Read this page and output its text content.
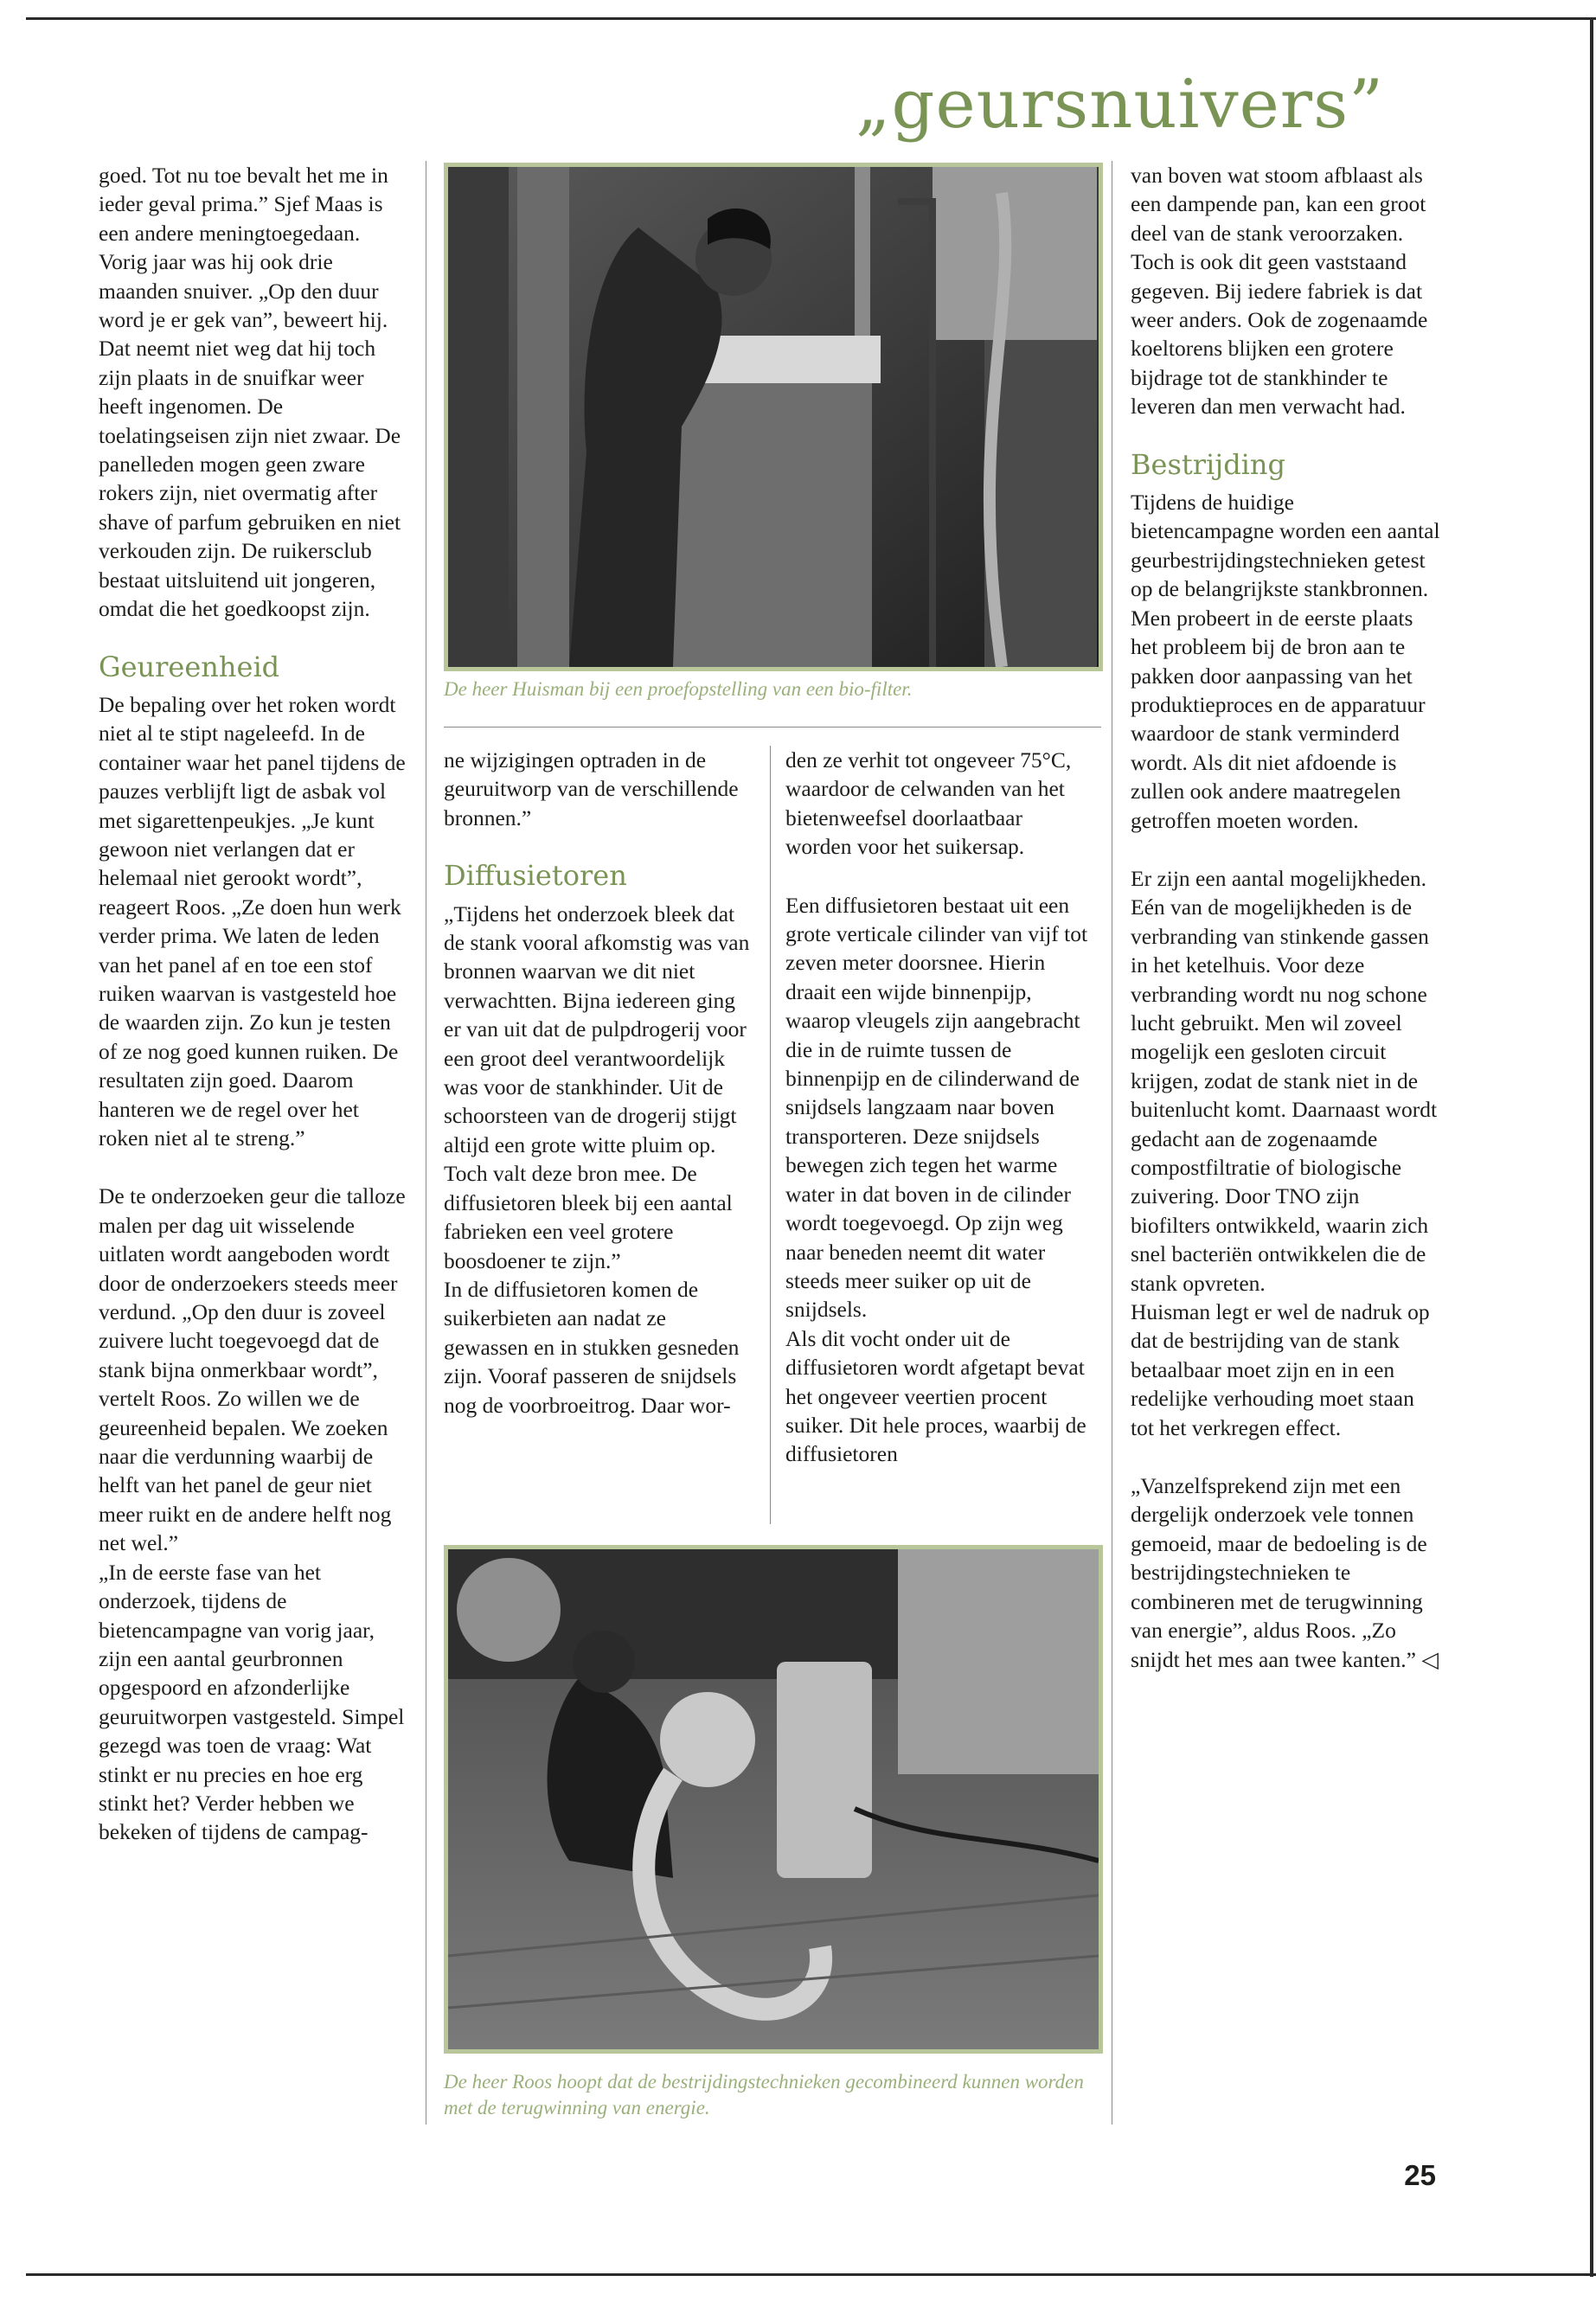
„geursnuivers”

goed. Tot nu toe bevalt het me in ieder geval prima.” Sjef Maas is een andere meningtoegedaan. Vorig jaar was hij ook drie maanden snuiver. „Op den duur word je er gek van”, beweert hij. Dat neemt niet weg dat hij toch zijn plaats in de snuifkar weer heeft ingenomen. De toelatingseisen zijn niet zwaar. De panelleden mogen geen zware rokers zijn, niet overmatig after shave of parfum gebruiken en niet verkouden zijn. De ruikersclub bestaat uitsluitend uit jongeren, omdat die het goedkoopst zijn.

Geureenheid

De bepaling over het roken wordt niet al te stipt nageleefd. In de container waar het panel tijdens de pauzes verblijft ligt de asbak vol met sigarettenpeukjes. „Je kunt gewoon niet verlangen dat er helemaal niet gerookt wordt”, reageert Roos. „Ze doen hun werk verder prima. We laten de leden van het panel af en toe een stof ruiken waarvan is vastgesteld hoe de waarden zijn. Zo kun je testen of ze nog goed kunnen ruiken. De resultaten zijn goed. Daarom hanteren we de regel over het roken niet al te streng.”

De te onderzoeken geur die talloze malen per dag uit wisselende uitlaten wordt aangeboden wordt door de onderzoekers steeds meer verdund. „Op den duur is zoveel zuivere lucht toegevoegd dat de stank bijna onmerkbaar wordt”, vertelt Roos. Zo willen we de geureenheid bepalen. We zoeken naar die verdunning waarbij de helft van het panel de geur niet meer ruikt en de andere helft nog net wel.”

„In de eerste fase van het onderzoek, tijdens de bietencampagne van vorig jaar, zijn een aantal geurbronnen opgespoord en afzonderlijke geuruitworpen vastgesteld. Simpel gezegd was toen de vraag: Wat stinkt er nu precies en hoe erg stinkt het? Verder hebben we bekeken of tijdens de campag-

De heer Huisman bij een proefopstelling van een bio-filter.

ne wijzigingen optraden in de geuruitworp van de verschillende bronnen.”

Diffusietoren

„Tijdens het onderzoek bleek dat de stank vooral afkomstig was van bronnen waarvan we dit niet verwachtten. Bijna iedereen ging er van uit dat de pulpdrogerij voor een groot deel verantwoordelijk was voor de stankhinder. Uit de schoorsteen van de drogerij stijgt altijd een grote witte pluim op. Toch valt deze bron mee. De diffusietoren bleek bij een aantal fabrieken een veel grotere boosdoener te zijn.”

In de diffusietoren komen de suikerbieten aan nadat ze gewassen en in stukken gesneden zijn. Vooraf passeren de snijdsels nog de voorbroeitrog. Daar wor-

den ze verhit tot ongeveer 75°C, waardoor de celwanden van het bietenweefsel doorlaatbaar worden voor het suikersap.

Een diffusietoren bestaat uit een grote verticale cilinder van vijf tot zeven meter doorsnee. Hierin draait een wijde binnenpijp, waarop vleugels zijn aangebracht die in de ruimte tussen de binnenpijp en de cilinderwand de snijdsels langzaam naar boven transporteren. Deze snijdsels bewegen zich tegen het warme water in dat boven in de cilinder wordt toegevoegd. Op zijn weg naar beneden neemt dit water steeds meer suiker op uit de snijdsels.

Als dit vocht onder uit de diffusietoren wordt afgetapt bevat het ongeveer veertien procent suiker. Dit hele proces, waarbij de diffusietoren

De heer Roos hoopt dat de bestrijdingstechnieken gecombineerd kunnen worden met de terugwinning van energie.

van boven wat stoom afblaast als een dampende pan, kan een groot deel van de stank veroorzaken. Toch is ook dit geen vaststaand gegeven. Bij iedere fabriek is dat weer anders. Ook de zogenaamde koeltorens blijken een grotere bijdrage tot de stankhinder te leveren dan men verwacht had.

Bestrijding

Tijdens de huidige bietencampagne worden een aantal geurbestrijdingstechnieken getest op de belangrijkste stankbronnen. Men probeert in de eerste plaats het probleem bij de bron aan te pakken door aanpassing van het produktieproces en de apparatuur waardoor de stank verminderd wordt. Als dit niet afdoende is zullen ook andere maatregelen getroffen moeten worden.

Er zijn een aantal mogelijkheden. Eén van de mogelijkheden is de verbranding van stinkende gassen in het ketelhuis. Voor deze verbranding wordt nu nog schone lucht gebruikt. Men wil zoveel mogelijk een gesloten circuit krijgen, zodat de stank niet in de buitenlucht komt. Daarnaast wordt gedacht aan de zogenaamde compostfiltratie of biologische zuivering. Door TNO zijn biofilters ontwikkeld, waarin zich snel bacteriën ontwikkelen die de stank opvreten.

Huisman legt er wel de nadruk op dat de bestrijding van de stank betaalbaar moet zijn en in een redelijke verhouding moet staan tot het verkregen effect.

„Vanzelfsprekend zijn met een dergelijk onderzoek vele tonnen gemoeid, maar de bedoeling is de bestrijdingstechnieken te combineren met de terugwinning van energie”, aldus Roos. „Zo snijdt het mes aan twee kanten.” ◁

25
